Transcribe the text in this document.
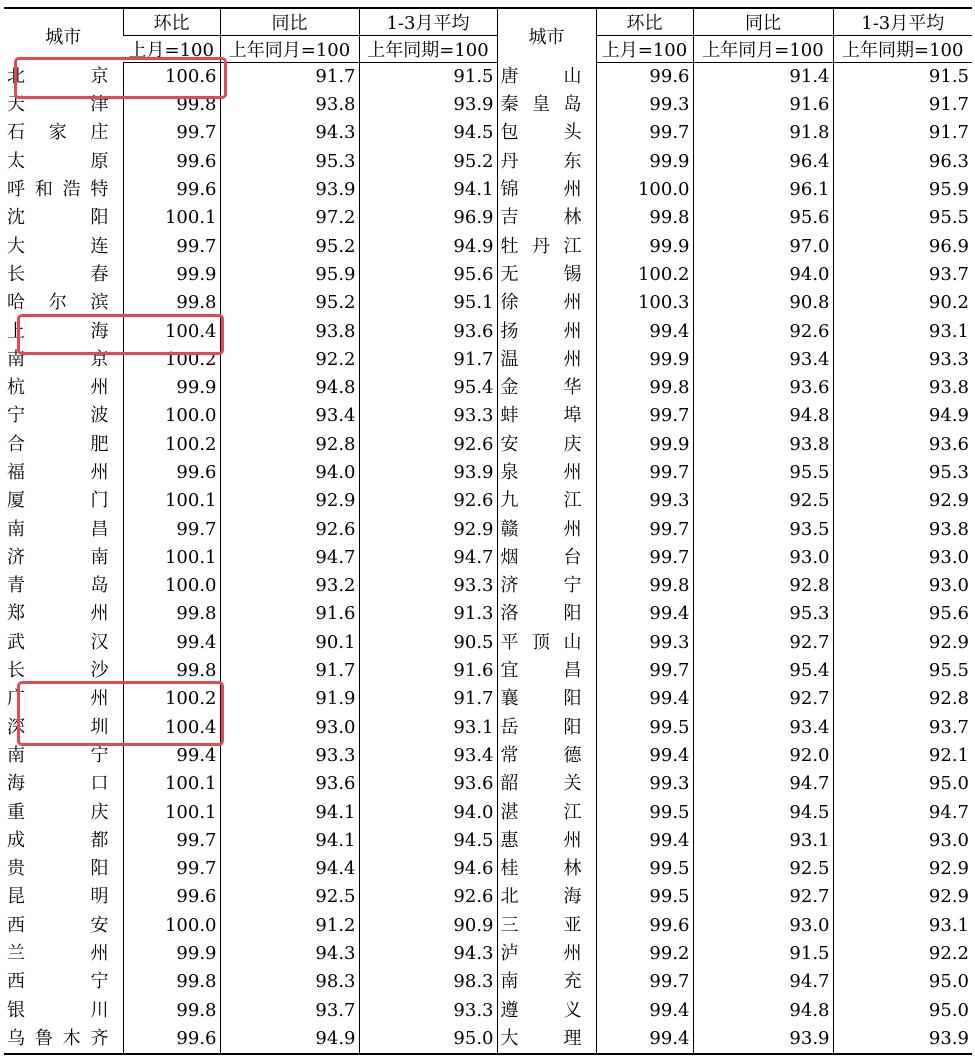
城市	环比	同比	1-3月平均	城市	环比	同比	1-3月平均
	上月=100	上年同月=100	上年同期=100		上月=100	上年同月=100	上年同期=100
北京	100.6	91.7	91.5	唐山	99.6	91.4	91.5
天津	99.8	93.8	93.9	秦皇岛	99.3	91.6	91.7
石家庄	99.7	94.3	94.5	包头	99.7	91.8	91.7
太原	99.6	95.3	95.2	丹东	99.9	96.4	96.3
呼和浩特	99.6	93.9	94.1	锦州	100.0	96.1	95.9
沈阳	100.1	97.2	96.9	吉林	99.8	95.6	95.5
大连	99.7	95.2	94.9	牡丹江	99.9	97.0	96.9
长春	99.9	95.9	95.6	无锡	100.2	94.0	93.7
哈尔滨	99.8	95.2	95.1	徐州	100.3	90.8	90.2
上海	100.4	93.8	93.6	扬州	99.4	92.6	93.1
南京	100.2	92.2	91.7	温州	99.9	93.4	93.3
杭州	99.9	94.8	95.4	金华	99.8	93.6	93.8
宁波	100.0	93.4	93.3	蚌埠	99.7	94.8	94.9
合肥	100.2	92.8	92.6	安庆	99.9	93.8	93.6
福州	99.6	94.0	93.9	泉州	99.7	95.5	95.3
厦门	100.1	92.9	92.6	九江	99.3	92.5	92.9
南昌	99.7	92.6	92.9	赣州	99.7	93.5	93.8
济南	100.1	94.7	94.7	烟台	99.7	93.0	93.0
青岛	100.0	93.2	93.3	济宁	99.8	92.8	93.0
郑州	99.8	91.6	91.3	洛阳	99.4	95.3	95.6
武汉	99.4	90.1	90.5	平顶山	99.3	92.7	92.9
长沙	99.8	91.7	91.6	宜昌	99.7	95.4	95.5
广州	100.2	91.9	91.7	襄阳	99.4	92.7	92.8
深圳	100.4	93.0	93.1	岳阳	99.5	93.4	93.7
南宁	99.4	93.3	93.4	常德	99.4	92.0	92.1
海口	100.1	93.6	93.6	韶关	99.3	94.7	95.0
重庆	100.1	94.1	94.0	湛江	99.5	94.5	94.7
成都	99.7	94.1	94.5	惠州	99.4	93.1	93.0
贵阳	99.7	94.4	94.6	桂林	99.5	92.5	92.9
昆明	99.6	92.5	92.6	北海	99.5	92.7	92.9
西安	100.0	91.2	90.9	三亚	99.6	93.0	93.1
兰州	99.9	94.3	94.3	泸州	99.2	91.5	92.2
西宁	99.8	98.3	98.3	南充	99.7	94.7	95.0
银川	99.8	93.7	93.3	遵义	99.4	94.8	95.0
乌鲁木齐	99.6	94.9	95.0	大理	99.4	93.9	93.9
